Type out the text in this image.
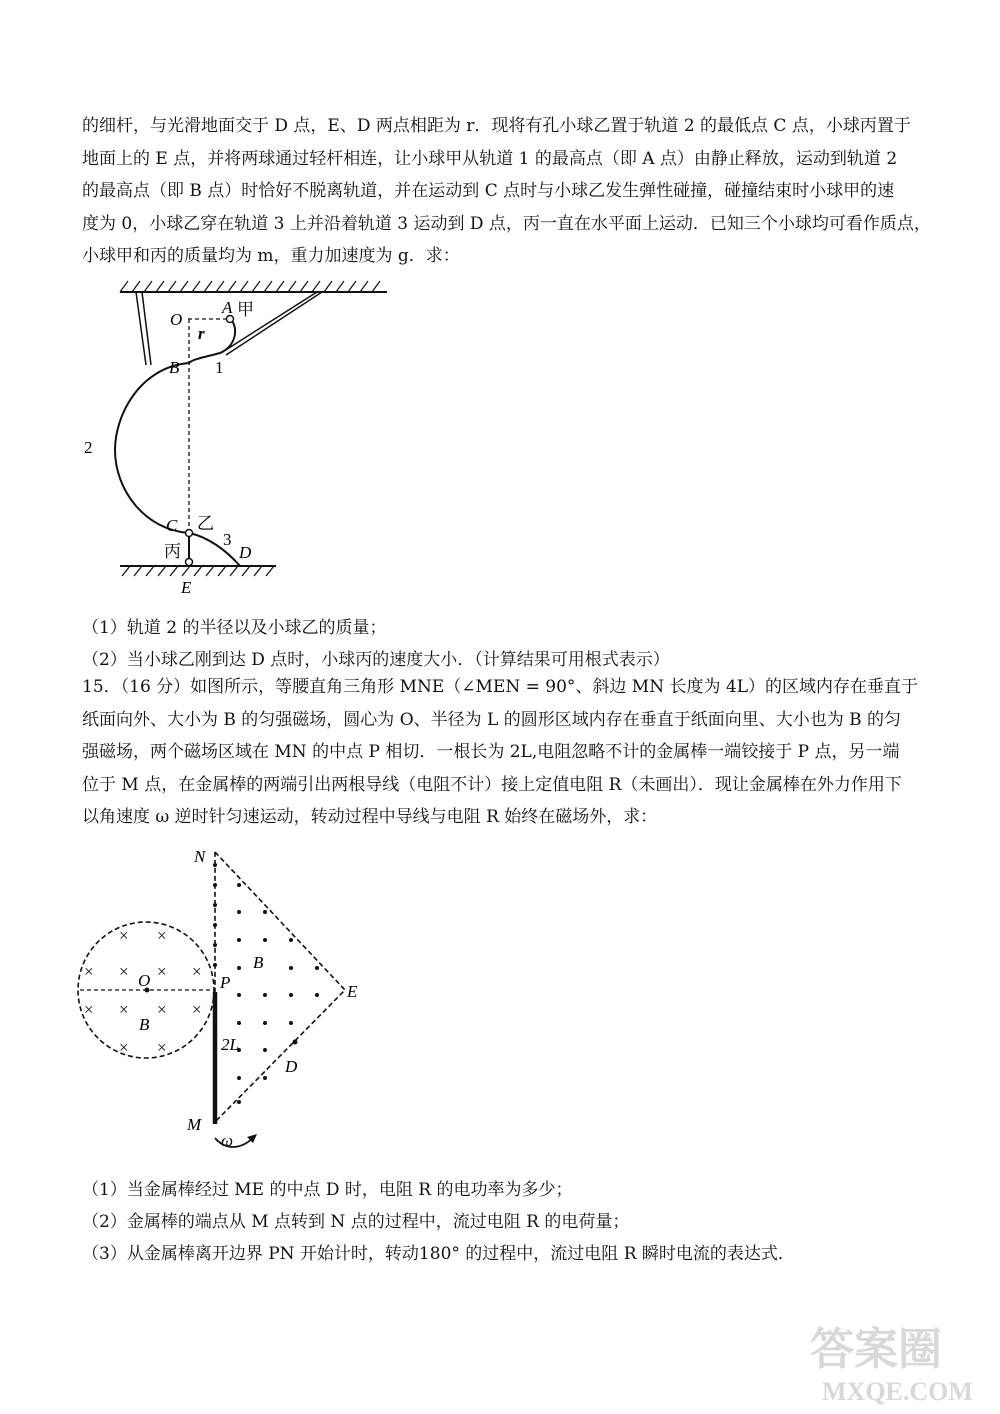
的细杆，与光滑地面交于 D 点，E、D 两点相距为 r．现将有孔小球乙置于轨道 2 的最低点 C 点，小球丙置于
地面上的 E 点，并将两球通过轻杆相连，让小球甲从轨道 1 的最高点（即 A 点）由静止释放，运动到轨道 2
的最高点（即 B 点）时恰好不脱离轨道，并在运动到 C 点时与小球乙发生弹性碰撞，碰撞结束时小球甲的速
度为 0，小球乙穿在轨道 3 上并沿着轨道 3 运动到 D 点，丙一直在水平面上运动．已知三个小球均可看作质点，
小球甲和丙的质量均为 m，重力加速度为 g．求：
A 甲
O
r
B 1
2
C 乙
3
丙	D
E
（1）轨道 2 的半径以及小球乙的质量；
（2）当小球乙刚到达 D 点时，小球丙的速度大小．（计算结果可用根式表示）
15．（16 分）如图所示，等腰直角三角形 MNE（∠MEN = 90°、斜边 MN 长度为 4L）的区域内存在垂直于
纸面向外、大小为 B 的匀强磁场，圆心为 O、半径为 L 的圆形区域内存在垂直于纸面向里、大小也为 B 的匀
强磁场，两个磁场区域在 MN 的中点 P 相切．一根长为 2L,电阻忽略不计的金属棒一端铰接于 P 点，另一端
位于 M 点，在金属棒的两端引出两根导线（电阻不计）接上定值电阻 R（未画出）．现让金属棒在外力作用下
以角速度 ω 逆时针匀速运动，转动过程中导线与电阻 R 始终在磁场外，求：
× ×
× × × ×
× × × ×
× ×
N
E
B
O	P
B
2L
D
M
ω
（1）当金属棒经过 ME 的中点 D 时，电阻 R 的电功率为多少；
（2）金属棒的端点从 M 点转到 N 点的过程中，流过电阻 R 的电荷量；
（3）从金属棒离开边界 PN 开始计时，转动180° 的过程中，流过电阻 R 瞬时电流的表达式．
答案圈
MXQE.COM
